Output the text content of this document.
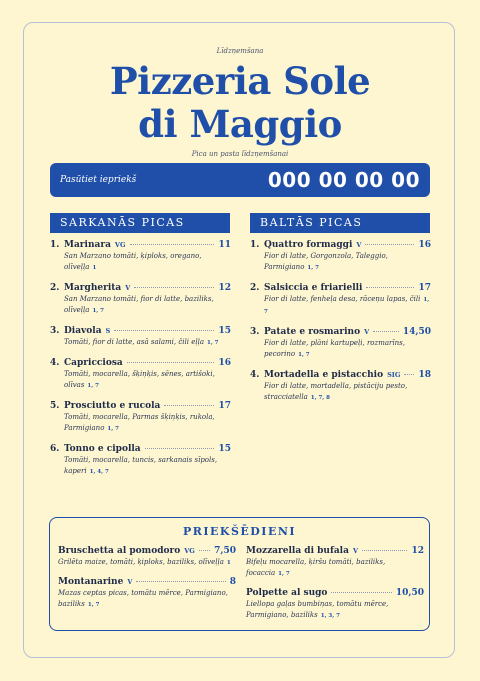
Līdzņemšana
Pizzeria Sole
di Maggio
Pica un pasta līdzņemšanai
Pasūtiet iepriekš	000 00 00 00
SARKANĀS PICAS	BALTĀS PICAS
1. Marinara VG	11
San Marzano tomāti, ķiploks, oregano, olīveļļa 1
2. Margherita V	12
San Marzano tomāti, fior di latte, baziliks, olīveļļa 1, 7
3. Diavola S	15
Tomāti, fior di latte, asā salami, čili eļļa 1, 7
4. Capricciosa	16
Tomāti, mocarella, šķiņķis, sēnes, artišoki, olīvas 1, 7
5. Prosciutto e rucola	17
Tomāti, mocarella, Parmas šķiņķis, rukola, Parmigiano 1, 7
6. Tonno e cipolla	15
Tomāti, mocarella, tuncis, sarkanais sīpols, kaperi 1, 4, 7
1. Quattro formaggi V	16
Fior di latte, Gorgonzola, Taleggio, Parmigiano 1, 7
2. Salsiccia e friarielli	17
Fior di latte, fenheļa desa, rāceņu lapas, čili 1, 7
3. Patate e rosmarino V	14,50
Fior di latte, plāni kartupeļi, rozmarīns, pecorino 1, 7
4. Mortadella e pistacchio SIG 18
Fior di latte, mortadella, pistāciju pesto, stracciatella 1, 7, 8
PRIEKŠĒDIENI
Bruschetta al pomodoro VG 7,50
Grilēta maize, tomāti, ķiploks, baziliks, olīveļļa 1
Montanarine V	8
Mazas ceptas picas, tomātu mērce, Parmigiano, baziliks 1, 7
Mozzarella di bufala V	12
Bifeļu mocarella, ķiršu tomāti, baziliks, focaccia 1, 7
Polpette al sugo	10,50
Liellopa gaļas bumbiņas, tomātu mērce, Parmigiano, baziliks 1, 3, 7
